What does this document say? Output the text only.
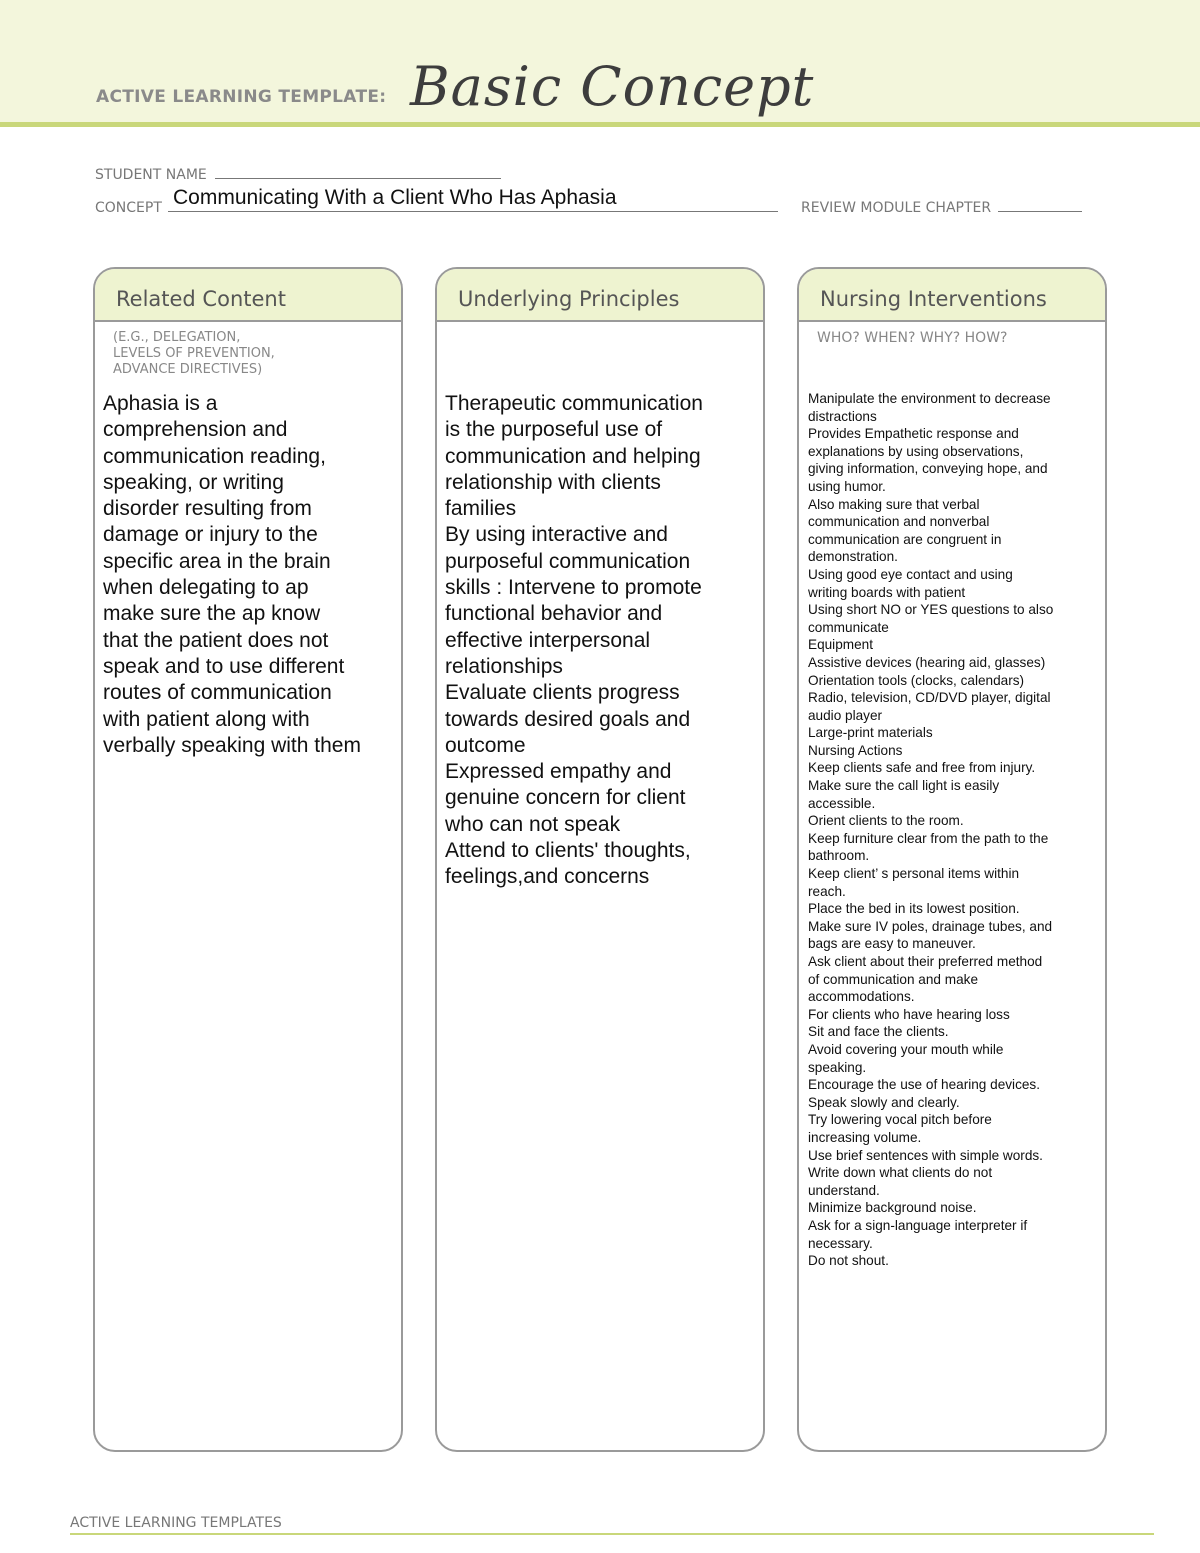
ACTIVE LEARNING TEMPLATE: Basic Concept
STUDENT NAME
CONCEPT Communicating With a Client Who Has Aphasia	REVIEW MODULE CHAPTER
Related Content
(E.G., DELEGATION,
LEVELS OF PREVENTION,
ADVANCE DIRECTIVES)
Aphasia is a
comprehension and
communication reading,
speaking, or writing
disorder resulting from
damage or injury to the
specific area in the brain
when delegating to ap
make sure the ap know
that the patient does not
speak and to use different
routes of communication
with patient along with
verbally speaking with them
Underlying Principles
Therapeutic communication
is the purposeful use of
communication and helping
relationship with clients
families
By using interactive and
purposeful communication
skills : Intervene to promote
functional behavior and
effective interpersonal
relationships
Evaluate clients progress
towards desired goals and
outcome
Expressed empathy and
genuine concern for client
who can not speak
Attend to clients' thoughts,
feelings,and concerns
Nursing Interventions
WHO? WHEN? WHY? HOW?
Manipulate the environment to decrease
distractions
Provides Empathetic response and
explanations by using observations,
giving information, conveying hope, and
using humor.
Also making sure that verbal
communication and nonverbal
communication are congruent in
demonstration.
Using good eye contact and using
writing boards with patient
Using short NO or YES questions to also
communicate
Equipment
Assistive devices (hearing aid, glasses)
Orientation tools (clocks, calendars)
Radio, television, CD/DVD player, digital
audio player
Large-print materials
Nursing Actions
Keep clients safe and free from injury.
Make sure the call light is easily
accessible.
Orient clients to the room.
Keep furniture clear from the path to the
bathroom.
Keep client’ s personal items within
reach.
Place the bed in its lowest position.
Make sure IV poles, drainage tubes, and
bags are easy to maneuver.
Ask client about their preferred method
of communication and make
accommodations.
For clients who have hearing loss
Sit and face the clients.
Avoid covering your mouth while
speaking.
Encourage the use of hearing devices.
Speak slowly and clearly.
Try lowering vocal pitch before
increasing volume.
Use brief sentences with simple words.
Write down what clients do not
understand.
Minimize background noise.
Ask for a sign-language interpreter if
necessary.
Do not shout.
ACTIVE LEARNING TEMPLATES
